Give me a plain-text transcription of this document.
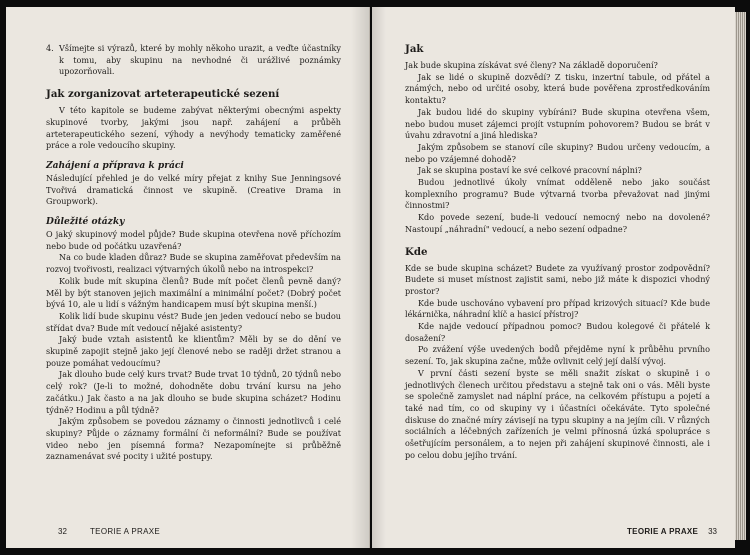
4. Všímejte si výrazů, které by mohly někoho urazit, a veďte účastníky k tomu, aby skupinu na nevhodné či urážlivé poznámky upozorňovali.
Jak zorganizovat arteterapeutické sezení

V této kapitole se budeme zabývat některými obecnými aspekty skupinové tvorby, jakými jsou např. zahájení a průběh arteterapeutického sezení, výhody a nevýhody tematicky zaměřené práce a role vedoucího skupiny.

Zahájení a příprava k práci

Následující přehled je do velké míry přejat z knihy Sue Jenningsové Tvořivá dramatická činnost ve skupině. (Creative Drama in Groupwork).

Důležité otázky

O jaký skupinový model půjde? Bude skupina otevřena nově příchozím nebo bude od počátku uzavřená?

Na co bude kladen důraz? Bude se skupina zaměřovat především na rozvoj tvořivosti, realizaci výtvarných úkolů nebo na introspekci?

Kolik bude mít skupina členů? Bude mít počet členů pevně daný? Měl by být stanoven jejich maximální a minimální počet? (Dobrý počet bývá 10, ale u lidí s vážným handicapem musí být skupina menší.)

Kolik lidí bude skupinu vést? Bude jen jeden vedoucí nebo se budou střídat dva? Bude mít vedoucí nějaké asistenty?

Jaký bude vztah asistentů ke klientům? Měli by se do dění ve skupině zapojit stejně jako její členové nebo se raději držet stranou a pouze pomáhat vedoucímu?

Jak dlouho bude celý kurs trvat? Bude trvat 10 týdnů, 20 týdnů nebo celý rok? (Je-li to možné, dohodněte dobu trvání kursu na jeho začátku.) Jak často a na jak dlouho se bude skupina scházet? Hodinu týdně? Hodinu a půl týdně?

Jakým způsobem se povedou záznamy o činnosti jednotlivců i celé skupiny? Půjde o záznamy formální či neformální? Bude se používat video nebo jen písemná forma? Nezapomínejte si průběžně zaznamenávat své pocity i užité postupy.

32	TEORIE A PRAXE
Jak

Jak bude skupina získávat své členy? Na základě doporučení?

Jak se lidé o skupině dozvědí? Z tisku, inzertní tabule, od přátel a známých, nebo od určité osoby, která bude pověřena zprostředkováním kontaktu?

Jak budou lidé do skupiny vybíráni? Bude skupina otevřena všem, nebo budou muset zájemci projít vstupním pohovorem? Budou se brát v úvahu zdravotní a jiná hlediska?

Jakým způsobem se stanoví cíle skupiny? Budou určeny vedoucím, a nebo po vzájemné dohodě?

Jak se skupina postaví ke své celkové pracovní náplni?

Budou jednotlivé úkoly vnímat odděleně nebo jako součást komplexního programu? Bude výtvarná tvorba převažovat nad jinými činnostmi?

Kdo povede sezení, bude-li vedoucí nemocný nebo na dovolené? Nastoupí „náhradní" vedoucí, a nebo sezení odpadne?

Kde

Kde se bude skupina scházet? Budete za využívaný prostor zodpovědní? Budete si muset místnost zajistit sami, nebo již máte k dispozici vhodný prostor?

Kde bude uschováno vybavení pro případ krizových situací? Kde bude lékárnička, náhradní klíč a hasicí přístroj?

Kde najde vedoucí případnou pomoc? Budou kolegové či přátelé k dosažení?

Po zvážení výše uvedených bodů přejděme nyní k průběhu prvního sezení. To, jak skupina začne, může ovlivnit celý její další vývoj.

V první části sezení byste se měli snažit získat o skupině i o jednotlivých členech určitou představu a stejně tak oni o vás. Měli byste se společně zamyslet nad náplní práce, na celkovém přístupu a pojetí a také nad tím, co od skupiny vy i účastníci očekáváte. Tyto společné diskuse do značné míry závisejí na typu skupiny a na jejím cíli. V různých sociálních a léčebných zařízeních je velmi přínosná úzká spolupráce s ošetřujícím personálem, a to nejen při zahájení skupinové činnosti, ale i po celou dobu jejího trvání.

TEORIE A PRAXE 33
